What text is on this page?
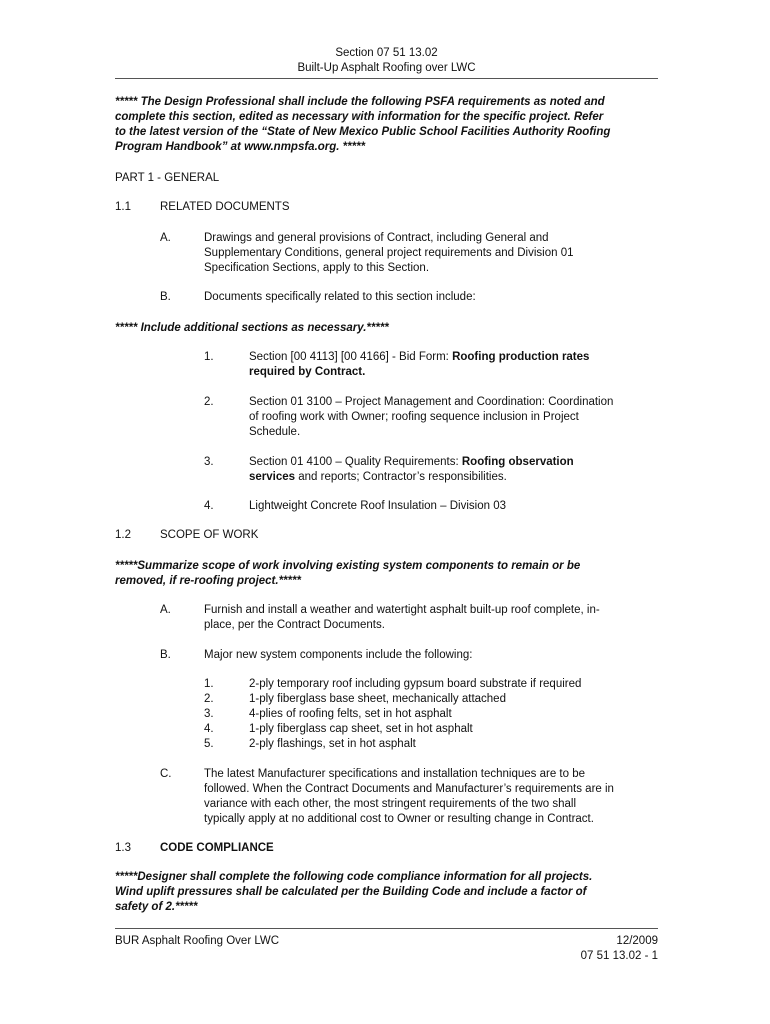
Section 07 51 13.02
Built-Up Asphalt Roofing over LWC
***** The Design Professional shall include the following PSFA requirements as noted and
complete this section, edited as necessary with information for the specific project. Refer
to the latest version of the “State of New Mexico Public School Facilities Authority Roofing
Program Handbook” at www.nmpsfa.org. *****
PART 1 - GENERAL
1.1	RELATED DOCUMENTS
A.	Drawings and general provisions of Contract, including General and
Supplementary Conditions, general project requirements and Division 01
Specification Sections, apply to this Section.
B.	Documents specifically related to this section include:
***** Include additional sections as necessary.*****
1.	Section [00 4113] [00 4166] - Bid Form: Roofing production rates
required by Contract.
2.	Section 01 3100 – Project Management and Coordination: Coordination
of roofing work with Owner; roofing sequence inclusion in Project
Schedule.
3.	Section 01 4100 – Quality Requirements: Roofing observation
services and reports; Contractor’s responsibilities.
4.	Lightweight Concrete Roof Insulation – Division 03
1.2	SCOPE OF WORK
*****Summarize scope of work involving existing system components to remain or be
removed, if re-roofing project.*****
A.	Furnish and install a weather and watertight asphalt built-up roof complete, in-
place, per the Contract Documents.
B.	Major new system components include the following:
1.	2-ply temporary roof including gypsum board substrate if required
2.	1-ply fiberglass base sheet, mechanically attached
3.	4-plies of roofing felts, set in hot asphalt
4.	1-ply fiberglass cap sheet, set in hot asphalt
5.	2-ply flashings, set in hot asphalt
C.	The latest Manufacturer specifications and installation techniques are to be
followed. When the Contract Documents and Manufacturer’s requirements are in
variance with each other, the most stringent requirements of the two shall
typically apply at no additional cost to Owner or resulting change in Contract.
1.3	CODE COMPLIANCE
*****Designer shall complete the following code compliance information for all projects.
Wind uplift pressures shall be calculated per the Building Code and include a factor of
safety of 2.*****
BUR Asphalt Roofing Over LWC	12/2009
07 51 13.02 - 1
